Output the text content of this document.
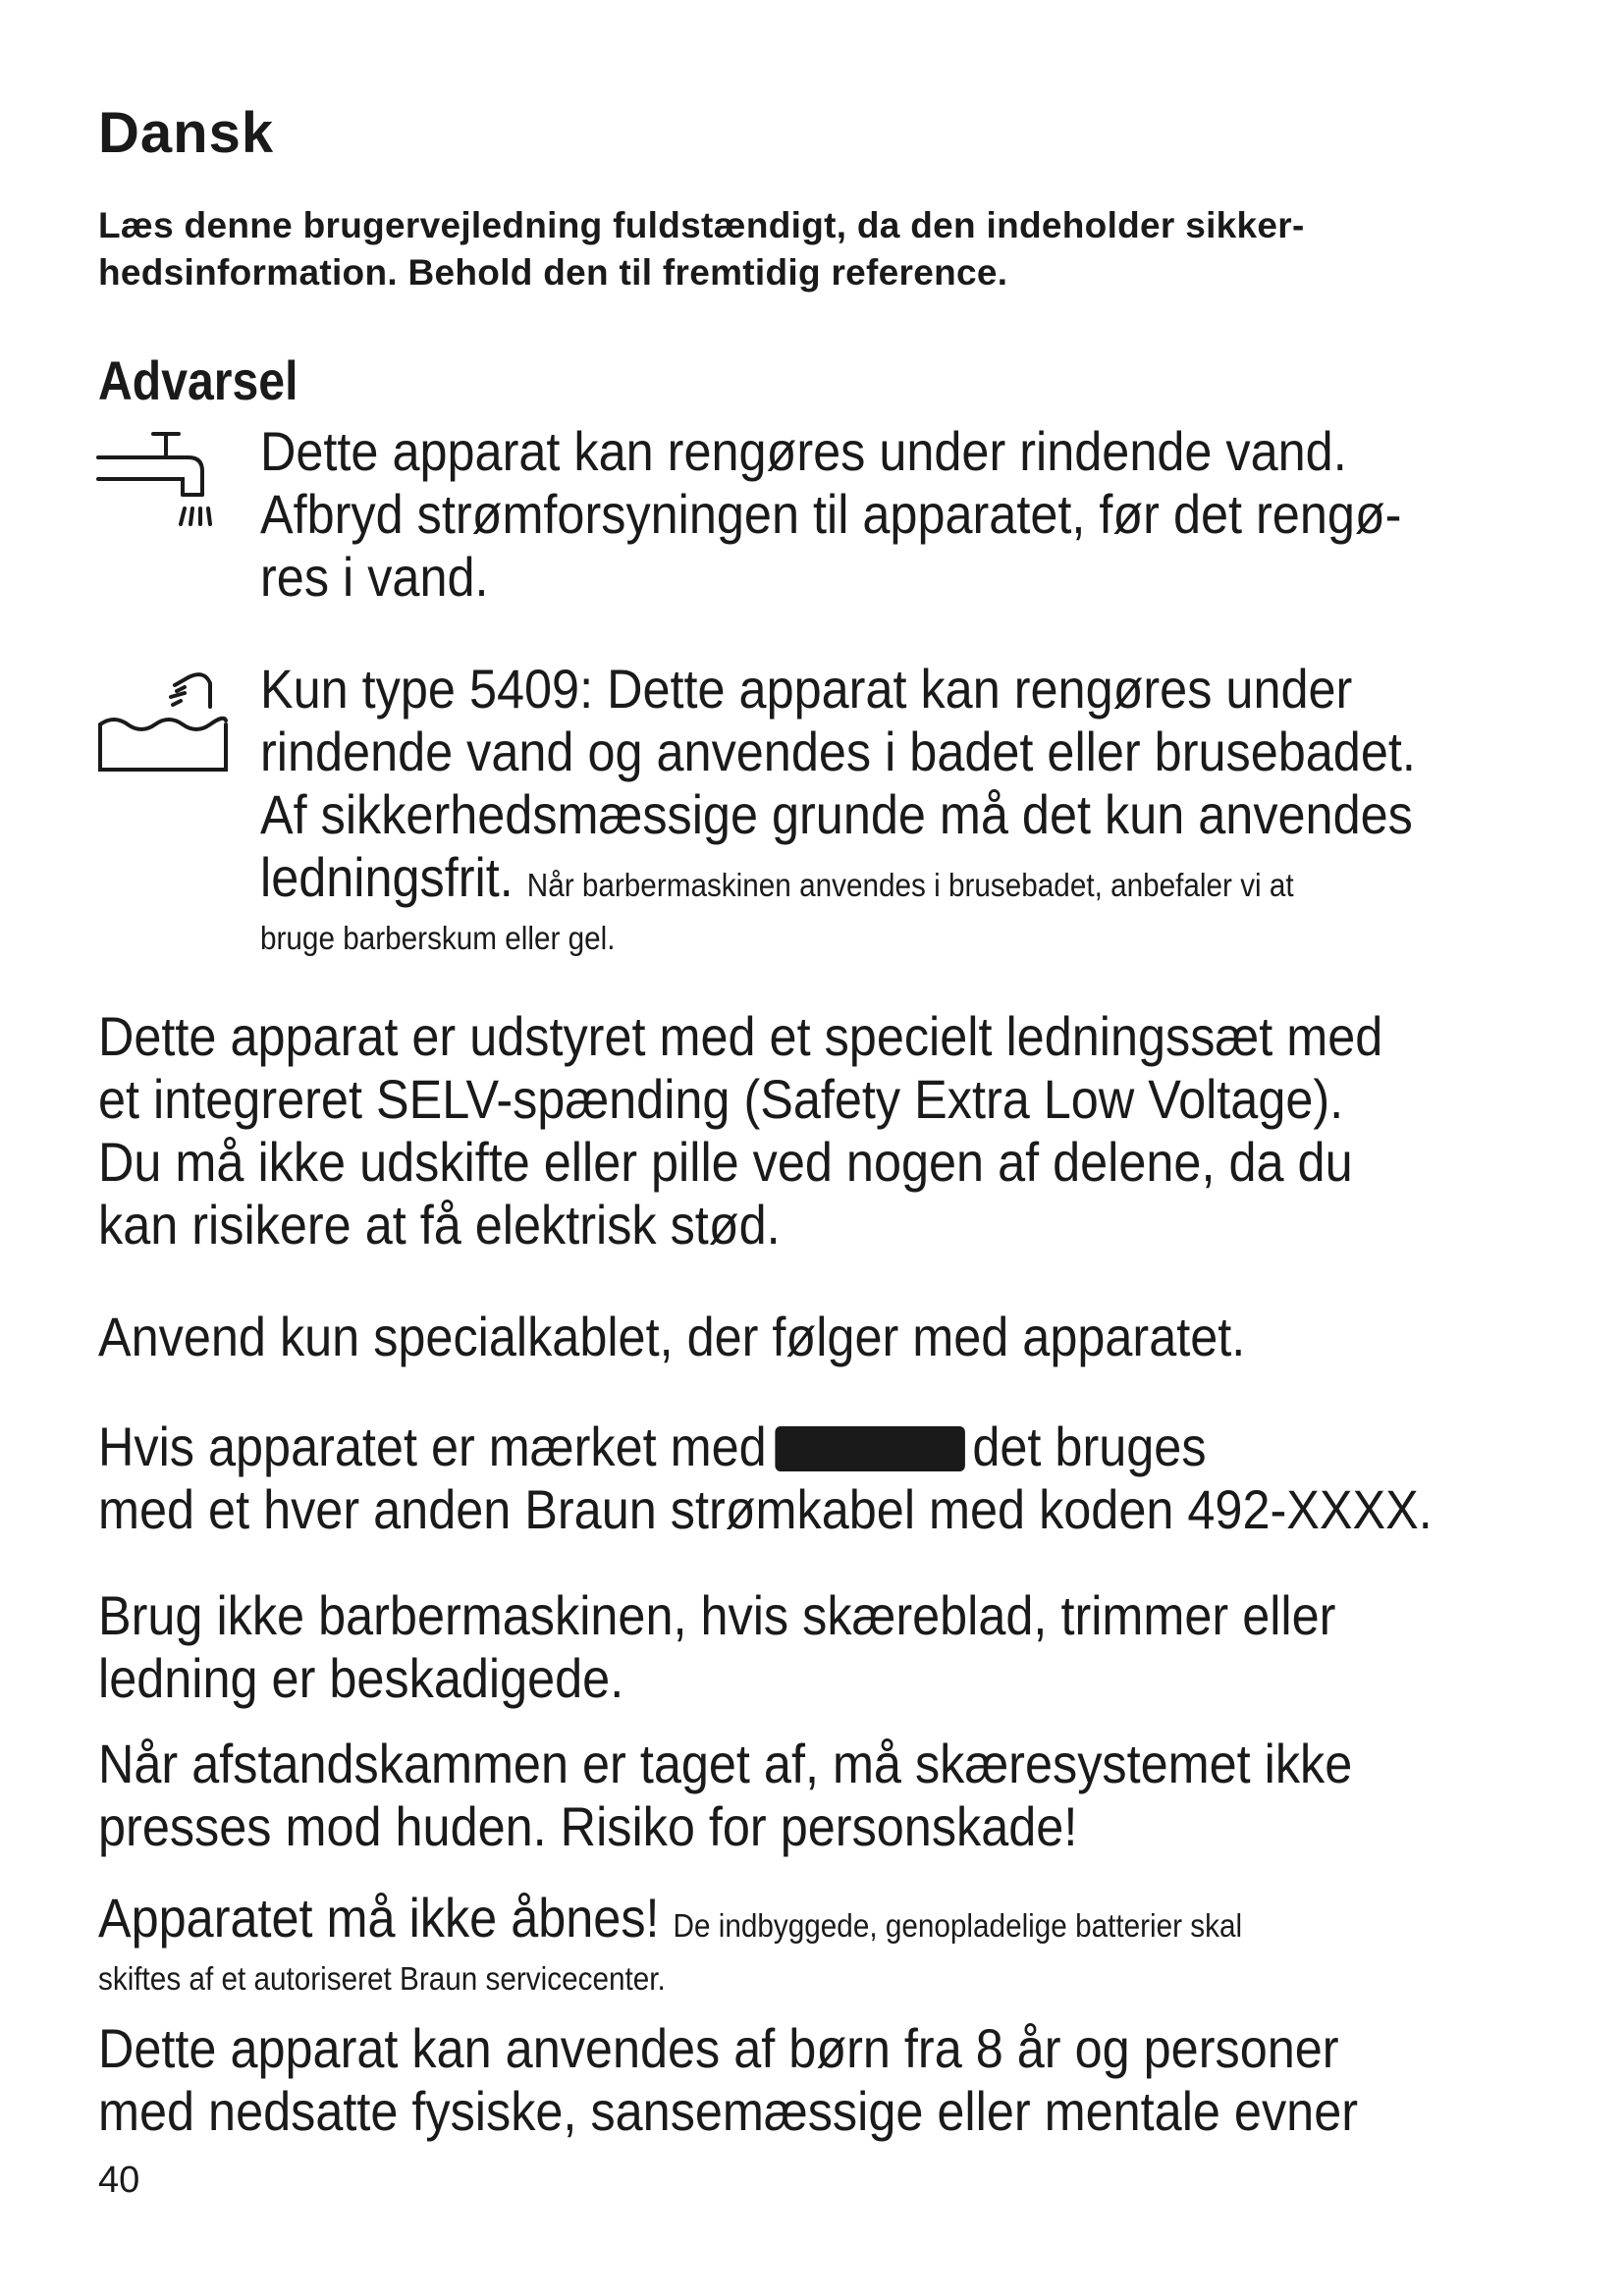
Dansk
Læs denne brugervejledning fuldstændigt, da den indeholder sikker-
hedsinformation. Behold den til fremtidig reference.
Advarsel
Dette apparat kan rengøres under rindende vand.
Afbryd strømforsyningen til apparatet, før det rengø-
res i vand.
Kun type 5409: Dette apparat kan rengøres under
rindende vand og anvendes i badet eller brusebadet.
Af sikkerhedsmæssige grunde må det kun anvendes
ledningsfrit. Når barbermaskinen anvendes i brusebadet, anbefaler vi at
bruge barberskum eller gel.
Dette apparat er udstyret med et specielt ledningssæt med
et integreret SELV-spænding (Safety Extra Low Voltage).
Du må ikke udskifte eller pille ved nogen af delene, da du
kan risikere at få elektrisk stød.
Anvend kun specialkablet, der følger med apparatet.
Hvis apparatet er mærket med	det bruges
med et hver anden Braun strømkabel med koden 492-XXXX.
Brug ikke barbermaskinen, hvis skæreblad, trimmer eller
ledning er beskadigede.
Når afstandskammen er taget af, må skæresystemet ikke
presses mod huden. Risiko for personskade!
Apparatet må ikke åbnes! De indbyggede, genopladelige batterier skal
skiftes af et autoriseret Braun servicecenter.
Dette apparat kan anvendes af børn fra 8 år og personer
med nedsatte fysiske, sansemæssige eller mentale evner
40
